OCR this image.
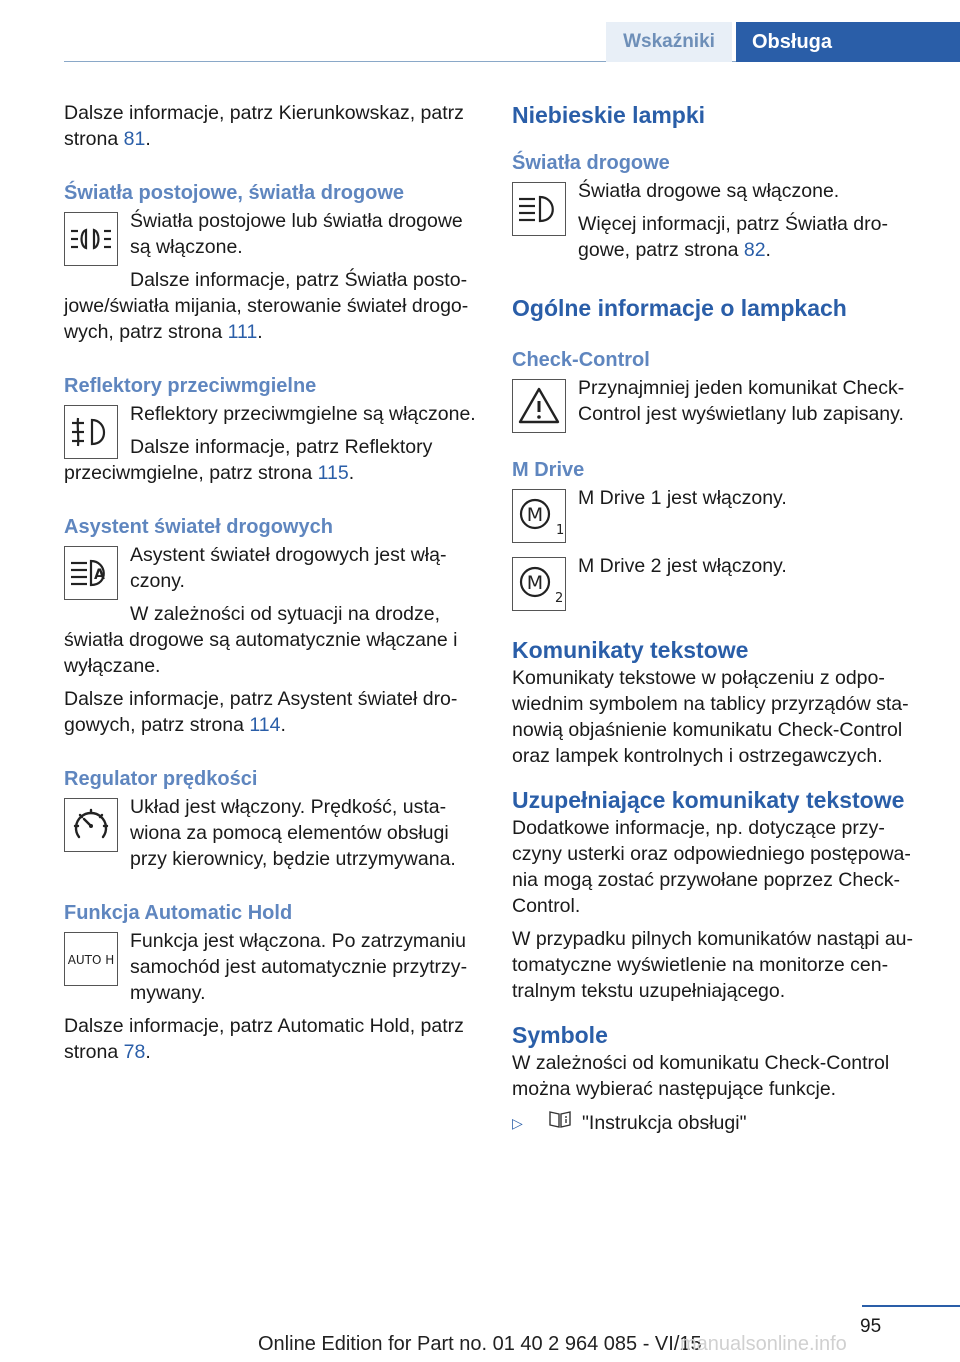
Wskaźniki	Obsługa

Dalsze informacje, patrz Kierunkowskaz, patrz strona 81.

Światła postojowe, światła drogowe

Światła postojowe lub światła drogowe są włączone.

Dalsze informacje, patrz Światła postojowe/światła mijania, sterowanie świateł drogowych, patrz strona 111.

Reflektory przeciwmgielne

Reflektory przeciwmgielne są włączone.

Dalsze informacje, patrz Reflektory przeciwmgielne, patrz strona 115.

Asystent świateł drogowych
A

Asystent świateł drogowych jest włączony.

W zależności od sytuacji na drodze, światła drogowe są automatycznie włączane i wyłączane.

Dalsze informacje, patrz Asystent świateł drogowych, patrz strona 114.

Regulator prędkości

Układ jest włączony. Prędkość, ustawiona za pomocą elementów obsługi przy kierownicy, będzie utrzymywana.

Funkcja Automatic Hold
AUTO H

Funkcja jest włączona. Po zatrzymaniu samochód jest automatycznie przytrzymywany.

Dalsze informacje, patrz Automatic Hold, patrz strona 78.

Niebieskie lampki
Światła drogowe

Światła drogowe są włączone.

Więcej informacji, patrz Światła drogowe, patrz strona 82.

Ogólne informacje o lampkach
Check-Control

Przynajmniej jeden komunikat Check-Control jest wyświetlany lub zapisany.

M Drive
M
1

M Drive 1 jest włączony.

M
2

M Drive 2 jest włączony.

Komunikaty tekstowe

Komunikaty tekstowe w połączeniu z odpowiednim symbolem na tablicy przyrządów stanowią objaśnienie komunikatu Check-Control oraz lampek kontrolnych i ostrzegawczych.

Uzupełniające komunikaty tekstowe

Dodatkowe informacje, np. dotyczące przyczyny usterki oraz odpowiedniego postępowania mogą zostać przywołane poprzez Check-Control.

W przypadku pilnych komunikatów nastąpi automatyczne wyświetlenie na monitorze centralnym tekstu uzupełniającego.

Symbole

W zależności od komunikatu Check-Control można wybierać następujące funkcje.

▷	"Instrukcja obsługi"
95
Online Edition for Part no. 01 40 2 964 085 - VI/15
manualsonline.info
